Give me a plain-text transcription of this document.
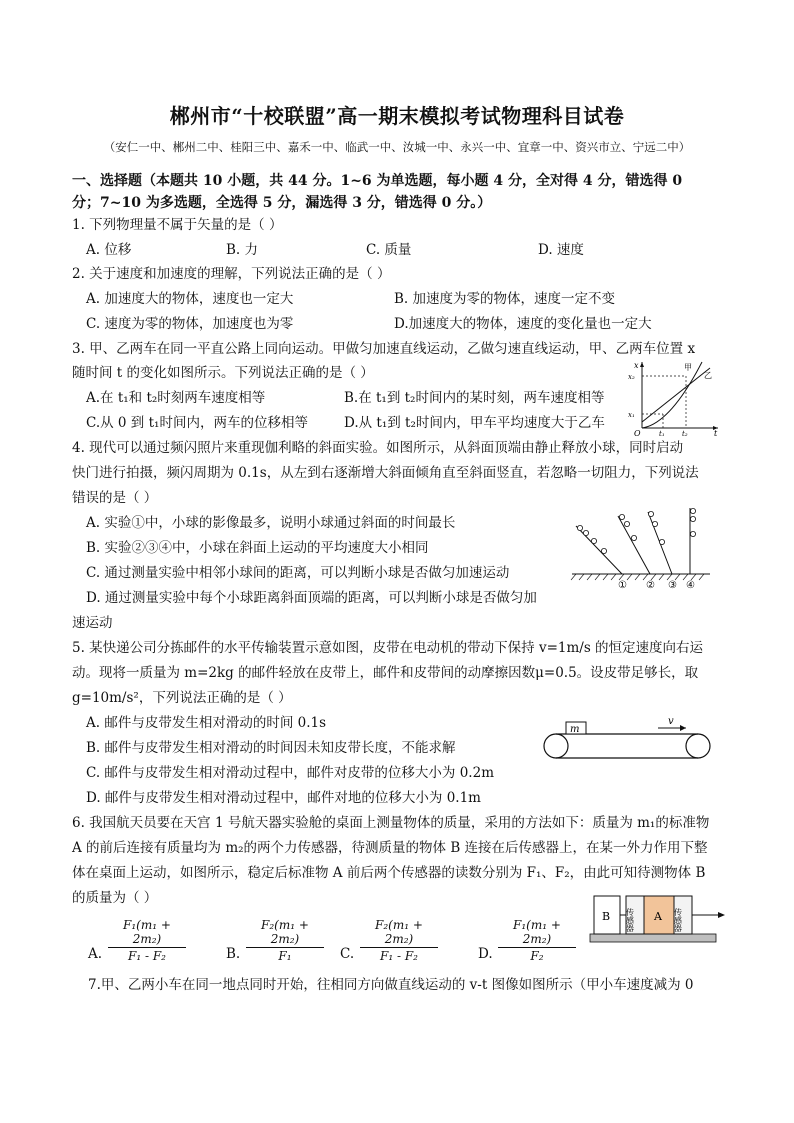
郴州市“十校联盟”高一期末模拟考试物理科目试卷
（安仁一中、郴州二中、桂阳三中、嘉禾一中、临武一中、汝城一中、永兴一中、宜章一中、资兴市立、宁远二中）
一、选择题（本题共 10 小题，共 44 分。1~6 为单选题，每小题 4 分，全对得 4 分，错选得 0
分；7~10 为多选题，全选得 5 分，漏选得 3 分，错选得 0 分。）
1. 下列物理量不属于矢量的是（ ）
A. 位移	B. 力	C. 质量	D. 速度
2. 关于速度和加速度的理解，下列说法正确的是（ ）
A. 加速度大的物体，速度也一定大	B. 加速度为零的物体，速度一定不变
C. 速度为零的物体，加速度也为零	D.加速度大的物体，速度的变化量也一定大
3. 甲、乙两车在同一平直公路上同向运动。甲做匀加速直线运动，乙做匀速直线运动，甲、乙两车位置 x
随时间 t 的变化如图所示。下列说法正确的是（ ）
A.在 t₁和 t₂时刻两车速度相等	B.在 t₁到 t₂时间内的某时刻，两车速度相等
C.从 0 到 t₁时间内，两车的位移相等	D.从 t₁到 t₂时间内，甲车平均速度大于乙车
x
t
O
x₂
x₁
t₁ t₂
甲
乙
4. 现代可以通过频闪照片来重现伽利略的斜面实验。如图所示，从斜面顶端由静止释放小球，同时启动
快门进行拍摄，频闪周期为 0.1s，从左到右逐渐增大斜面倾角直至斜面竖直，若忽略一切阻力，下列说法
错误的是（ ）
A. 实验①中，小球的影像最多，说明小球通过斜面的时间最长
B. 实验②③④中，小球在斜面上运动的平均速度大小相同
C. 通过测量实验中相邻小球间的距离，可以判断小球是否做匀加速运动
D. 通过测量实验中每个小球距离斜面顶端的距离，可以判断小球是否做匀加
速运动
① ② ③ ④
5. 某快递公司分拣邮件的水平传输装置示意如图，皮带在电动机的带动下保持 v=1m/s 的恒定速度向右运
动。现将一质量为 m=2kg 的邮件轻放在皮带上，邮件和皮带间的动摩擦因数μ=0.5。设皮带足够长，取
g=10m/s²，下列说法正确的是（ ）
A. 邮件与皮带发生相对滑动的时间 0.1s
B. 邮件与皮带发生相对滑动的时间因未知皮带长度，不能求解
C. 邮件与皮带发生相对滑动过程中，邮件对皮带的位移大小为 0.2m
D. 邮件与皮带发生相对滑动过程中，邮件对地的位移大小为 0.1m
m
v
6. 我国航天员要在天宫 1 号航天器实验舱的桌面上测量物体的质量，采用的方法如下：质量为 m₁的标准物
A 的前后连接有质量均为 m₂的两个力传感器，待测质量的物体 B 连接在后传感器上，在某一外力作用下整
体在桌面上运动，如图所示，稳定后标准物 A 前后两个传感器的读数分别为 F₁、F₂，由此可知待测物体 B
的质量为（ ）
A. $\frac{\text{F₁(m₁ + 2m₂)}}{\text{F₁ - F₂}}$	B. $\frac{\text{F₂(m₁ + 2m₂)}}{\text{F₁}} C$. $\frac{\text{F₂(m₁ + 2m₂)}}{\text{F₁ - F₂}}$	D. $\frac{\text{F₁(m₁ + 2m₂)}}{\text{F₂}}$
B 传感器 A 传感器
7.甲、乙两小车在同一地点同时开始，往相同方向做直线运动的 v-t 图像如图所示（甲小车速度减为 0
